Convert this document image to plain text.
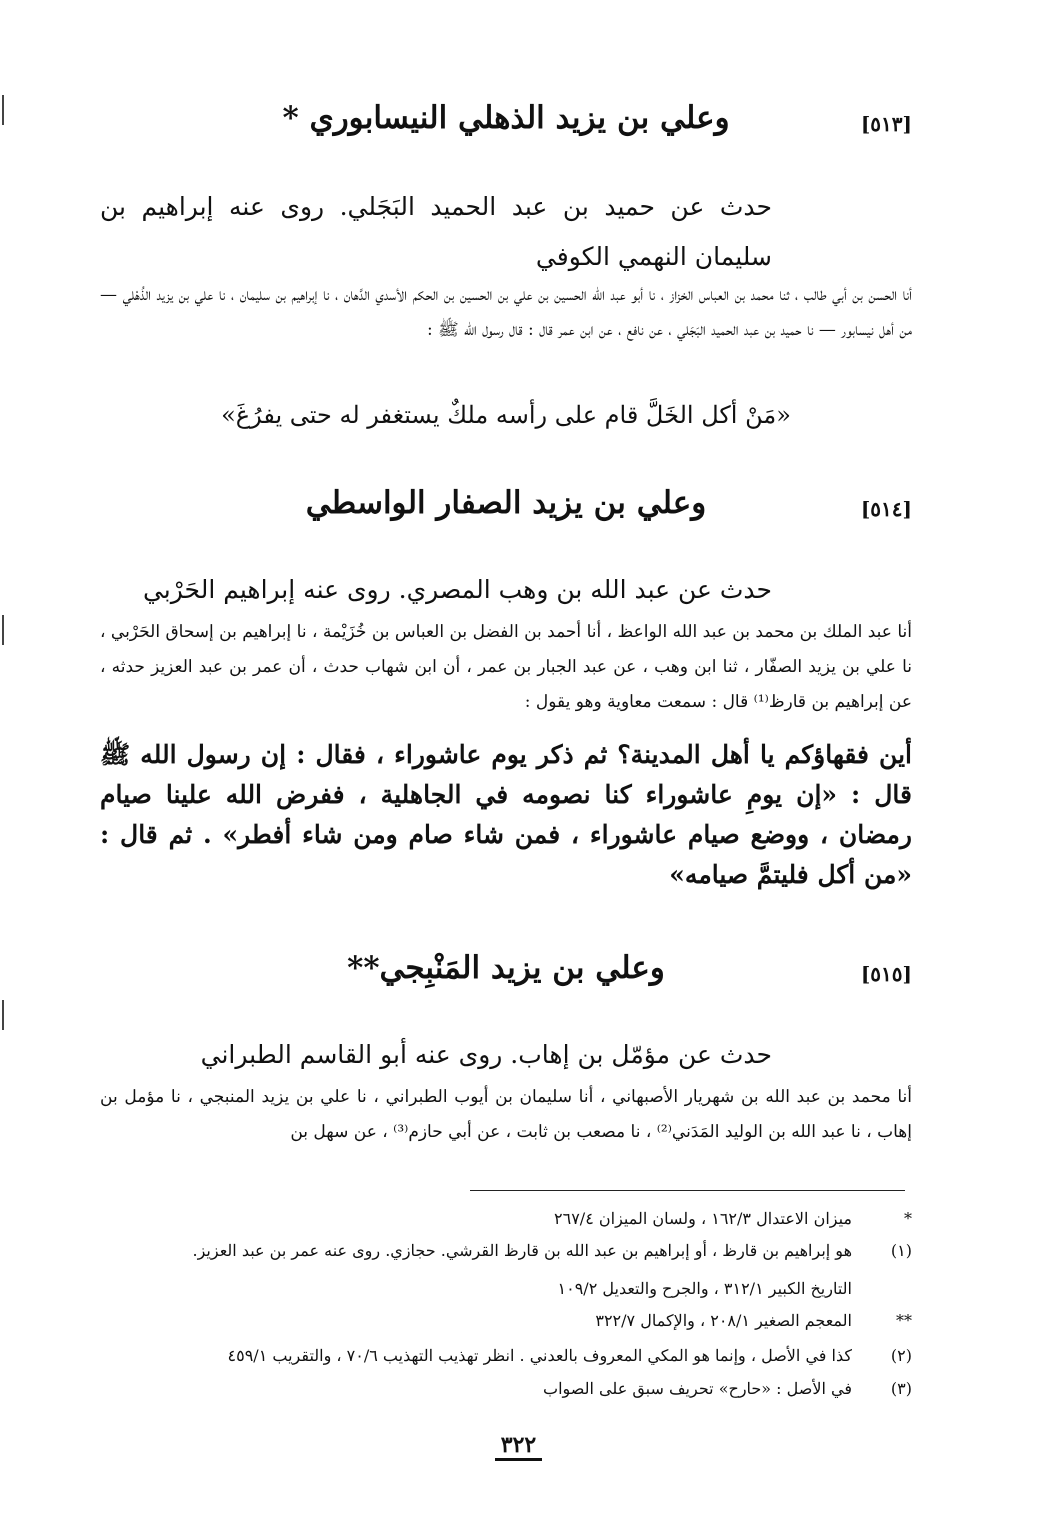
[٥١٣]
وعلي بن يزيد الذهلي النيسابوري *
حدث عن حميد بن عبد الحميد البَجَلي. روى عنه إبراهيم بن سليمان النهمي الكوفي
أنا الحسن بن أبي طالب ، ثنا محمد بن العباس الخزاز ، نا أبو عبد الله الحسين بن علي بن الحسين بن الحكم الأسدي الدَّهان ، نا إبراهيم بن سليمان ، نا علي بن يزيد الذُهْلي — من أهل نيسابور — نا حميد بن عبد الحميد البَجَلي ، عن نافع ، عن ابن عمر قال : قال رسول الله ﷺ :
«مَنْ أكل الخَلَّ قام على رأسه ملكٌ يستغفر له حتى يفرُغَ»
[٥١٤]
وعلي بن يزيد الصفار الواسطي
حدث عن عبد الله بن وهب المصري. روى عنه إبراهيم الحَرْبي
أنا عبد الملك بن محمد بن عبد الله الواعظ ، أنا أحمد بن الفضل بن العباس بن خُزَيْمة ، نا إبراهيم بن إسحاق الحَرْبي ، نا علي بن يزيد الصفّار ، ثنا ابن وهب ، عن عبد الجبار بن عمر ، أن ابن شهاب حدث ، أن عمر بن عبد العزيز حدثه ، عن إبراهيم بن قارظ⁽¹⁾ قال : سمعت معاوية وهو يقول :
أين فقهاؤكم يا أهل المدينة؟ ثم ذكر يوم عاشوراء ، فقال : إن رسول الله ﷺ قال : «إن يومِ عاشوراء كنا نصومه في الجاهلية ، ففرض الله علينا صيام رمضان ، ووضع صيام عاشوراء ، فمن شاء صام ومن شاء أفطر» . ثم قال : «من أكل فليتمَّ صيامه»
[٥١٥]
وعلي بن يزيد المَنْبِجي**
حدث عن مؤمّل بن إهاب. روى عنه أبو القاسم الطبراني
أنا محمد بن عبد الله بن شهريار الأصبهاني ، أنا سليمان بن أيوب الطبراني ، نا علي بن يزيد المنبجي ، نا مؤمل بن إهاب ، نا عبد الله بن الوليد المَدَني⁽²⁾ ، نا مصعب بن ثابت ، عن أبي حازم⁽³⁾ ، عن سهل بن
*
ميزان الاعتدال ١٦٢/٣ ، ولسان الميزان ٢٦٧/٤
(١)
هو إبراهيم بن قارظ ، أو إبراهيم بن عبد الله بن قارظ القرشي. حجازي. روى عنه عمر بن عبد العزيز.
التاريخ الكبير ٣١٢/١ ، والجرح والتعديل ١٠٩/٢
**
المعجم الصغير ٢٠٨/١ ، والإكمال ٣٢٢/٧
(٢)
كذا في الأصل ، وإنما هو المكي المعروف بالعدني . انظر تهذيب التهذيب ٧٠/٦ ، والتقريب ٤٥٩/١
(٣)
في الأصل : «حارح» تحريف سبق على الصواب
٣٢٢
